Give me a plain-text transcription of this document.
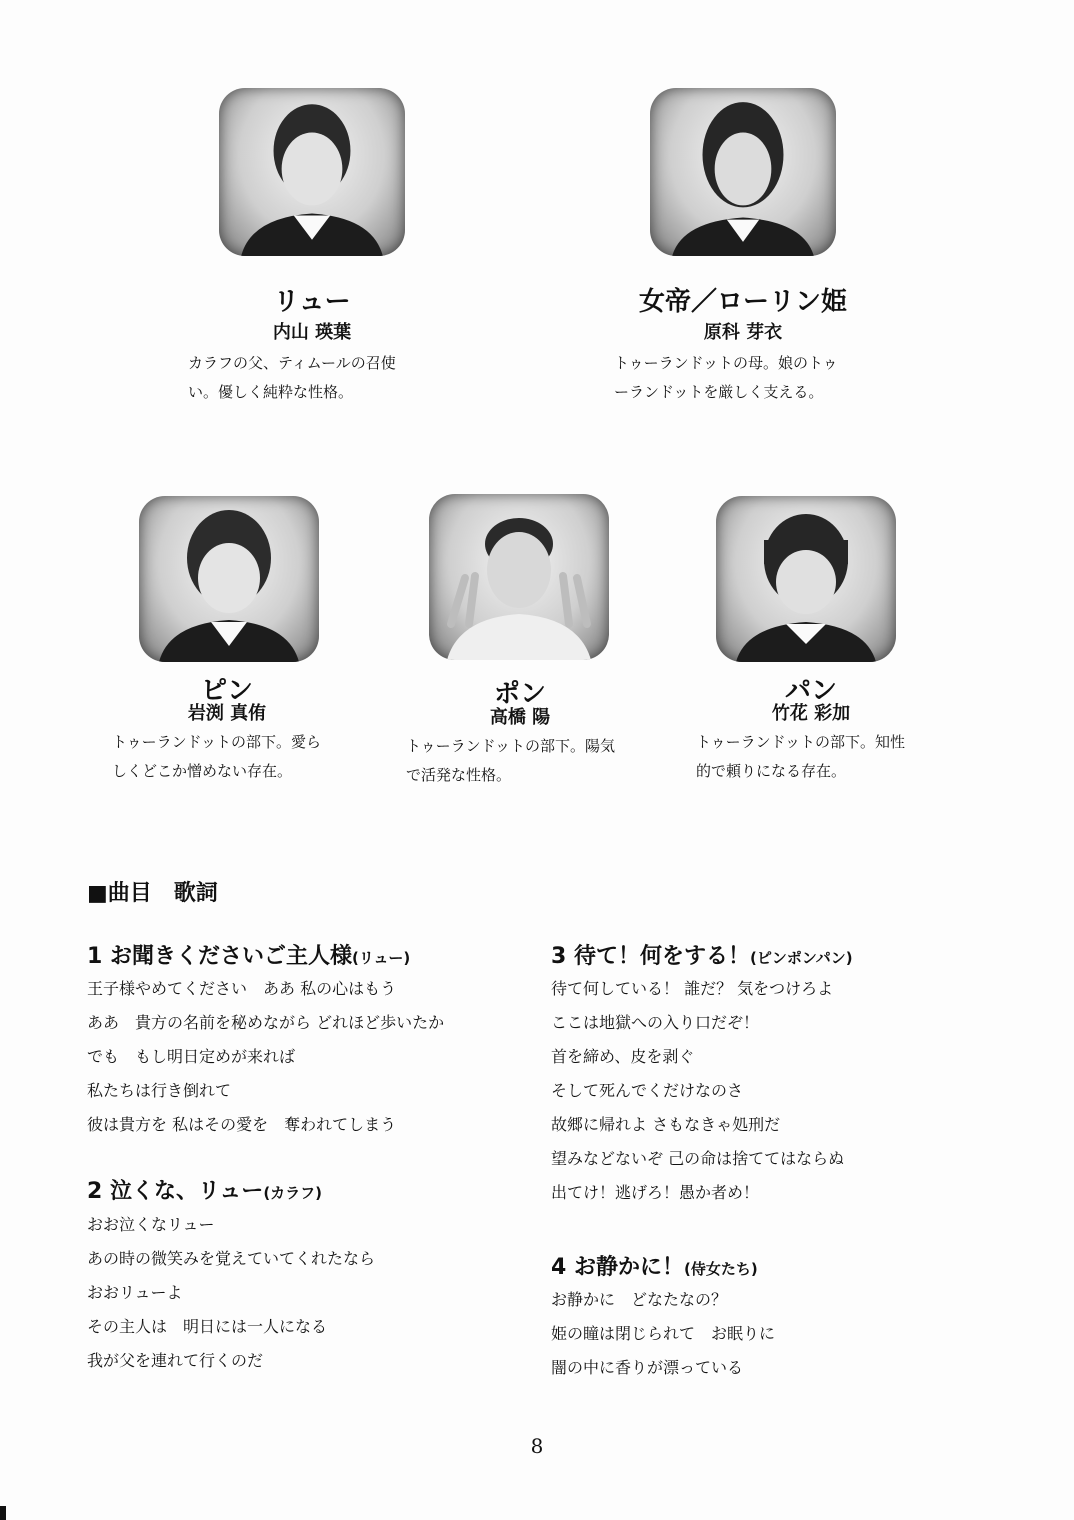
リュー
内山 瑛葉
カラフの父、ティムールの召使
い。優しく純粋な性格。
女帝／ローリン姫
原科 芽衣
トゥーランドットの母。娘のトゥ
ーランドットを厳しく支える。
ピン
岩渕 真侑
トゥーランドットの部下。愛ら
しくどこか憎めない存在。
ポン
高橋 陽
トゥーランドットの部下。陽気
で活発な性格。
パン
竹花 彩加
トゥーランドットの部下。知性
的で頼りになる存在。
■曲目　歌詞
1 お聞きくださいご主人様(リュー)
王子様やめてください　ああ 私の心はもう
ああ　貴方の名前を秘めながら どれほど歩いたか
でも　もし明日定めが来れば
私たちは行き倒れて
彼は貴方を 私はその愛を　奪われてしまう
2 泣くな、リュー(カラフ)
おお泣くなリュー
あの時の微笑みを覚えていてくれたなら
おおリューよ
その主人は　明日には一人になる
我が父を連れて行くのだ
3 待て！何をする！(ピンポンパン)
待て何している！ 誰だ？ 気をつけろよ
ここは地獄への入り口だぞ！
首を締め、皮を剥ぐ
そして死んでくだけなのさ
故郷に帰れよ さもなきゃ処刑だ
望みなどないぞ 己の命は捨ててはならぬ
出てけ！逃げろ！愚か者め！
4 お静かに！(侍女たち)
お静かに　どなたなの？
姫の瞳は閉じられて　お眠りに
闇の中に香りが漂っている
8
